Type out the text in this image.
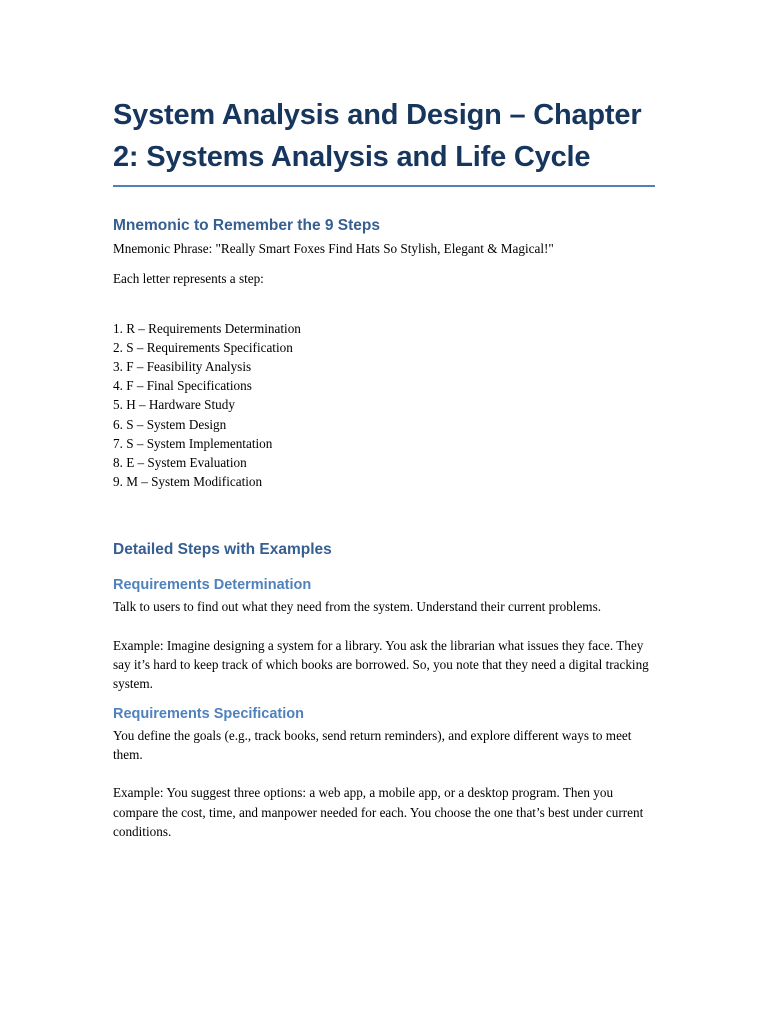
System Analysis and Design – Chapter 2: Systems Analysis and Life Cycle
Mnemonic to Remember the 9 Steps

Mnemonic Phrase: "Really Smart Foxes Find Hats So Stylish, Elegant & Magical!"

Each letter represents a step:

1. R – Requirements Determination
2. S – Requirements Specification
3. F – Feasibility Analysis
4. F – Final Specifications
5. H – Hardware Study
6. S – System Design
7. S – System Implementation
8. E – System Evaluation
9. M – System Modification
Detailed Steps with Examples
Requirements Determination

Talk to users to find out what they need from the system. Understand their current problems.

Example: Imagine designing a system for a library. You ask the librarian what issues they face. They say it’s hard to keep track of which books are borrowed. So, you note that they need a digital tracking system.

Requirements Specification

You define the goals (e.g., track books, send return reminders), and explore different ways to meet them.

Example: You suggest three options: a web app, a mobile app, or a desktop program. Then you compare the cost, time, and manpower needed for each. You choose the one that’s best under current conditions.
